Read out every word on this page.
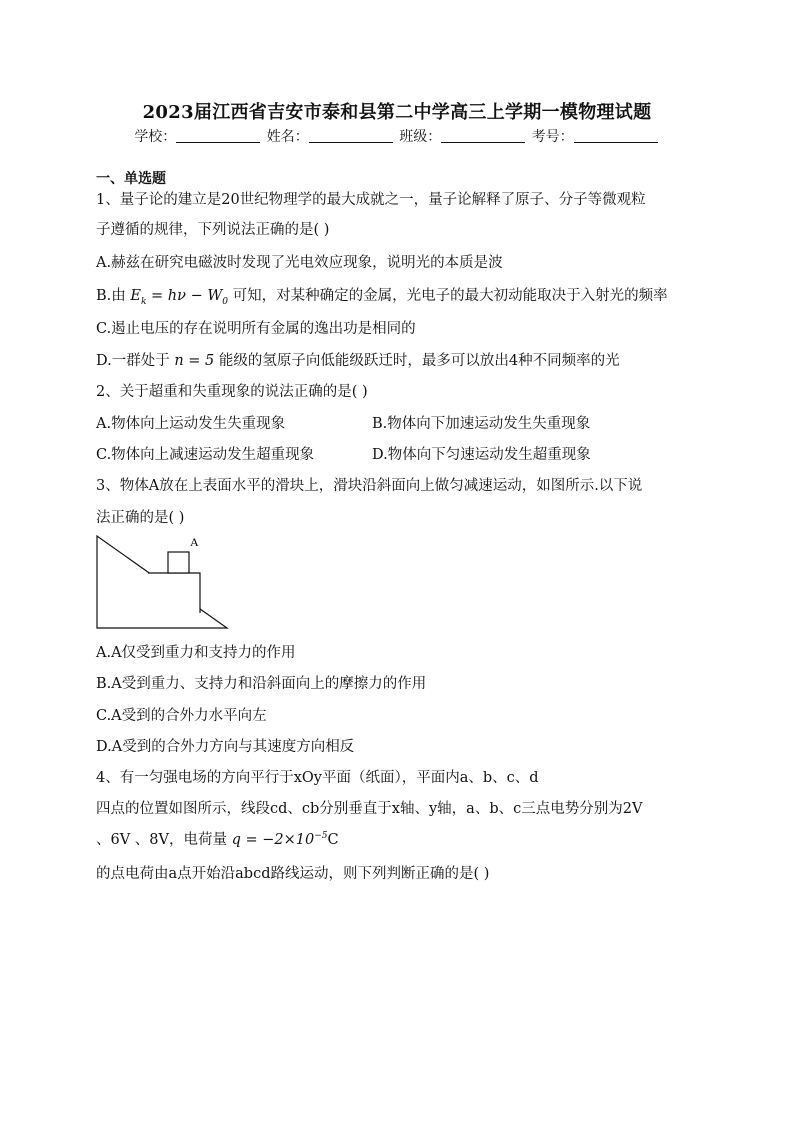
2023届江西省吉安市泰和县第二中学高三上学期一模物理试题
学校：	姓名：	班级：	考号：
一、单选题
1、量子论的建立是20世纪物理学的最大成就之一，量子论解释了原子、分子等微观粒
子遵循的规律，下列说法正确的是( )
A.赫兹在研究电磁波时发现了光电效应现象，说明光的本质是波
B.由 $E_k = h\nu - W_0$ 可知，对某种确定的金属，光电子的最大初动能取决于入射光的频率
C.遏止电压的存在说明所有金属的逸出功是相同的
D.一群处于 n = 5 能级的氢原子向低能级跃迁时，最多可以放出4种不同频率的光
2、关于超重和失重现象的说法正确的是( )
A.物体向上运动发生失重现象	B.物体向下加速运动发生失重现象
C.物体向上减速运动发生超重现象	D.物体向下匀速运动发生超重现象
3、物体A放在上表面水平的滑块上，滑块沿斜面向上做匀减速运动，如图所示.以下说
法正确的是( )
A
A.A仅受到重力和支持力的作用
B.A受到重力、支持力和沿斜面向上的摩擦力的作用
C.A受到的合外力水平向左
D.A受到的合外力方向与其速度方向相反
4、有一匀强电场的方向平行于xOy平面（纸面），平面内a、b、c、d
四点的位置如图所示，线段cd、cb分别垂直于x轴、y轴，a、b、c三点电势分别为2V
、6V 、8V，电荷量 $q = -2\times 10^{-5}C$
的点电荷由a点开始沿abcd路线运动，则下列判断正确的是( )
